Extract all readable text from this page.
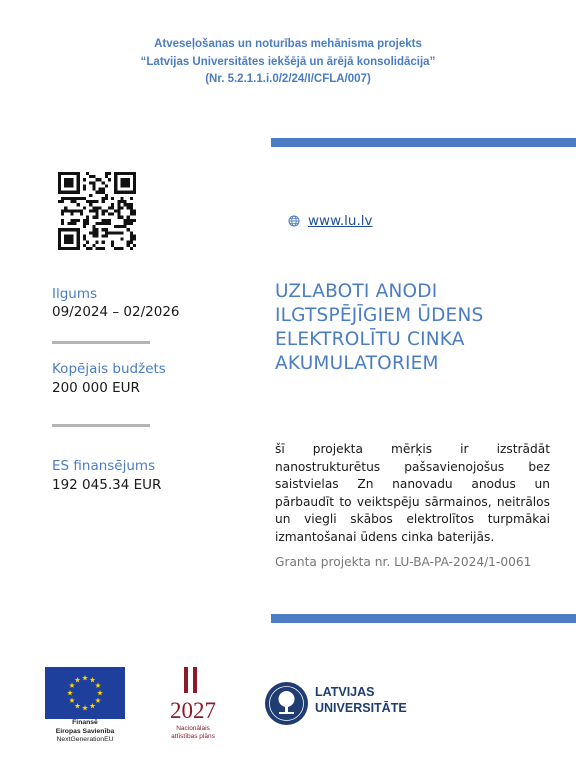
Atveseļošanas un noturības mehānisma projekts
“Latvijas Universitātes iekšējā un ārējā konsolidācija”
(Nr. 5.2.1.1.i.0/2/24/I/CFLA/007)
www.lu.lv
Ilgums
09/2024 – 02/2026
Kopējais budžets
200 000 EUR
ES finansējums
192 045.34 EUR
UZLABOTI ANODI
ILGTSPĒJĪGIEM ŪDENS
ELEKTROLĪTU CINKA
AKUMULATORIEM
šī projekta mērķis ir izstrādāt nanostrukturētus pašsavienojošus bez saistvielas Zn nanovadu anodus un pārbaudīt to veiktspēju sārmainos, neitrālos un viegli skābos elektrolītos turpmākai izmantošanai ūdens cinka baterijās.
Granta projekta nr. LU-BA-PA-2024/1-0061
Finansē
Eiropas Savienība
NextGenerationEU
2027
Nacionālais
attīstības plāns
LATVIJAS
UNIVERSITĀTE
